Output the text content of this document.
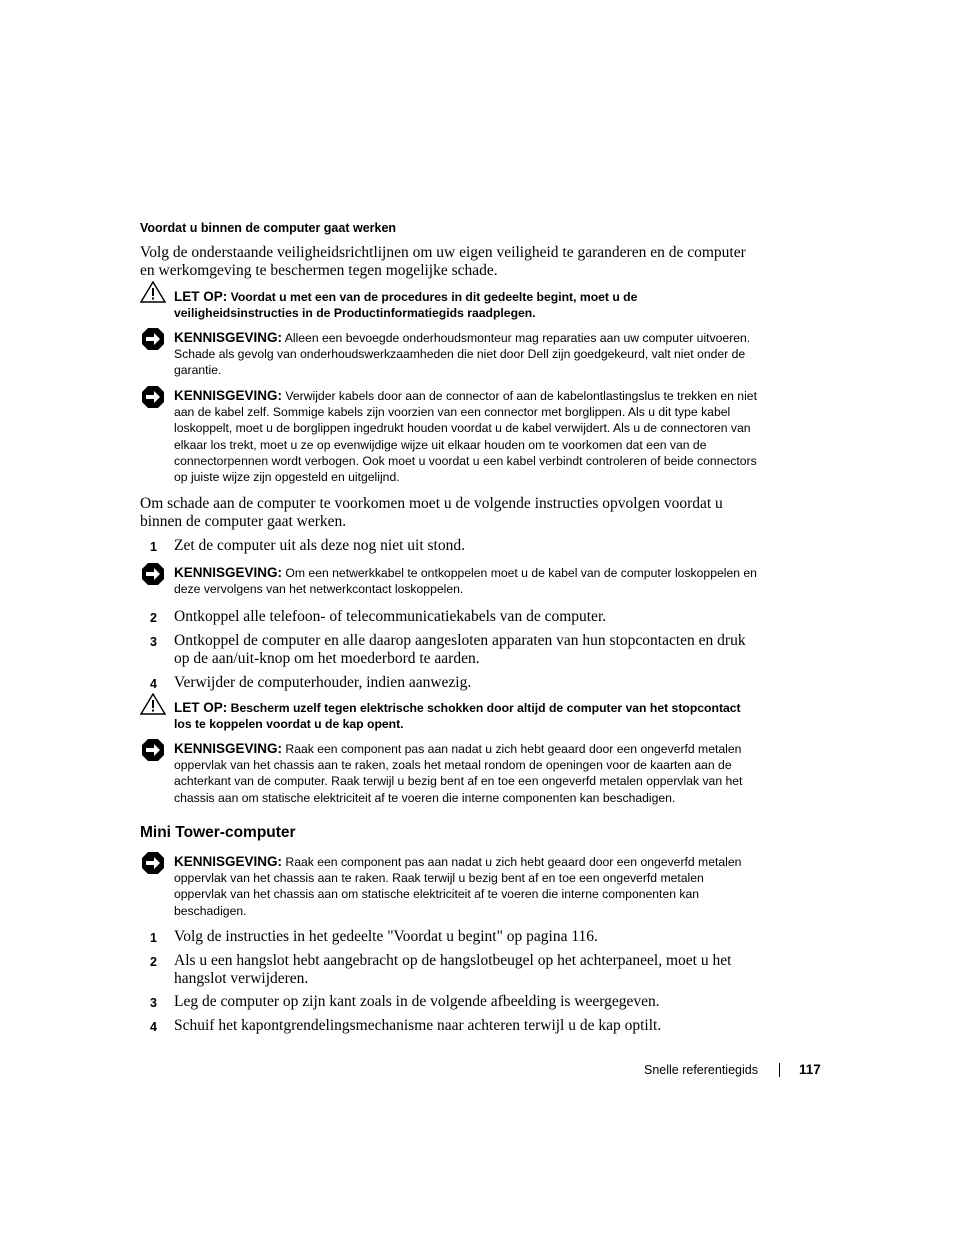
Voordat u binnen de computer gaat werken
Volg de onderstaande veiligheidsrichtlijnen om uw eigen veiligheid te garanderen en de computer en werkomgeving te beschermen tegen mogelijke schade.
LET OP: Voordat u met een van de procedures in dit gedeelte begint, moet u de veiligheidsinstructies in de Productinformatiegids raadplegen.
KENNISGEVING: Alleen een bevoegde onderhoudsmonteur mag reparaties aan uw computer uitvoeren. Schade als gevolg van onderhoudswerkzaamheden die niet door Dell zijn goedgekeurd, valt niet onder de garantie.
KENNISGEVING: Verwijder kabels door aan de connector of aan de kabelontlastingslus te trekken en niet aan de kabel zelf. Sommige kabels zijn voorzien van een connector met borglippen. Als u dit type kabel loskoppelt, moet u de borglippen ingedrukt houden voordat u de kabel verwijdert. Als u de connectoren van elkaar los trekt, moet u ze op evenwijdige wijze uit elkaar houden om te voorkomen dat een van de connectorpennen wordt verbogen. Ook moet u voordat u een kabel verbindt controleren of beide connectors op juiste wijze zijn opgesteld en uitgelijnd.
Om schade aan de computer te voorkomen moet u de volgende instructies opvolgen voordat u binnen de computer gaat werken.
1 Zet de computer uit als deze nog niet uit stond.
KENNISGEVING: Om een netwerkkabel te ontkoppelen moet u de kabel van de computer loskoppelen en deze vervolgens van het netwerkcontact loskoppelen.
2 Ontkoppel alle telefoon- of telecommunicatiekabels van de computer.
3 Ontkoppel de computer en alle daarop aangesloten apparaten van hun stopcontacten en druk op de aan/uit-knop om het moederbord te aarden.
4 Verwijder de computerhouder, indien aanwezig.
LET OP: Bescherm uzelf tegen elektrische schokken door altijd de computer van het stopcontact los te koppelen voordat u de kap opent.
KENNISGEVING: Raak een component pas aan nadat u zich hebt geaard door een ongeverfd metalen oppervlak van het chassis aan te raken, zoals het metaal rondom de openingen voor de kaarten aan de achterkant van de computer. Raak terwijl u bezig bent af en toe een ongeverfd metalen oppervlak van het chassis aan om statische elektriciteit af te voeren die interne componenten kan beschadigen.
Mini Tower-computer
KENNISGEVING: Raak een component pas aan nadat u zich hebt geaard door een ongeverfd metalen oppervlak van het chassis aan te raken. Raak terwijl u bezig bent af en toe een ongeverfd metalen oppervlak van het chassis aan om statische elektriciteit af te voeren die interne componenten kan beschadigen.
1 Volg de instructies in het gedeelte "Voordat u begint" op pagina 116.
2 Als u een hangslot hebt aangebracht op de hangslotbeugel op het achterpaneel, moet u het hangslot verwijderen.
3 Leg de computer op zijn kant zoals in de volgende afbeelding is weergegeven.
4 Schuif het kapontgrendelingsmechanisme naar achteren terwijl u de kap optilt.
Snelle referentiegids	117
